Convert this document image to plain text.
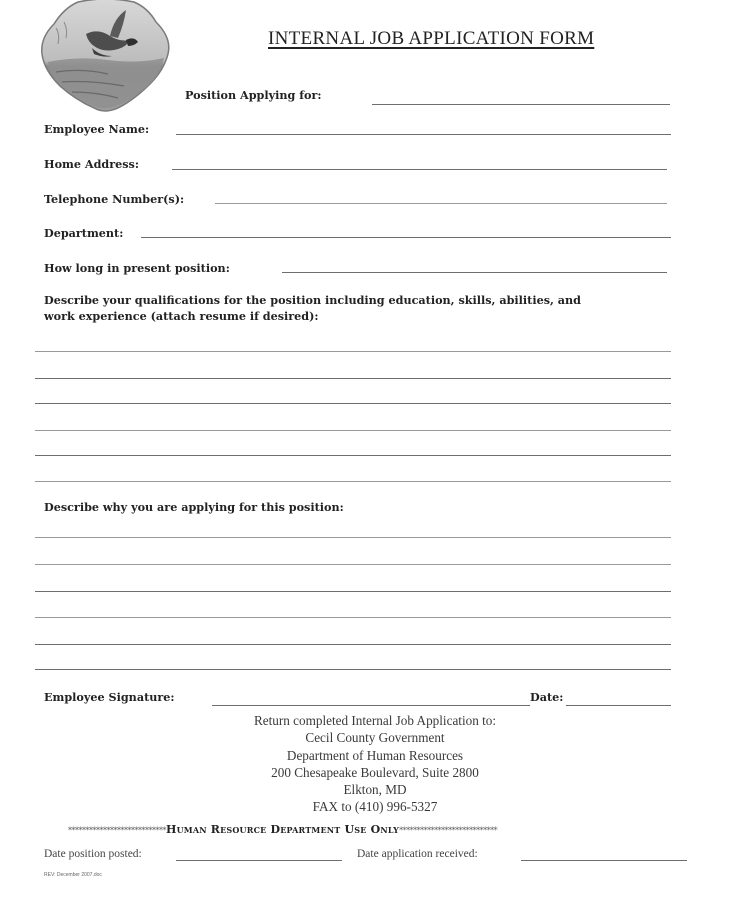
INTERNAL JOB APPLICATION FORM
Position Applying for:
Employee Name:
Home Address:
Telephone Number(s):
Department:
How long in present position:
Describe your qualifications for the position including education, skills, abilities, and
work experience (attach resume if desired):
Describe why you are applying for this position:
Employee Signature:	Date:
Return completed Internal Job Application to:
Cecil County Government
Department of Human Resources
200 Chesapeake Boulevard, Suite 2800
Elkton, MD
FAX to (410) 996-5327
****************************Human Resource Department Use Only****************************
Date position posted:	Date application received:
REV: December 2007.doc
